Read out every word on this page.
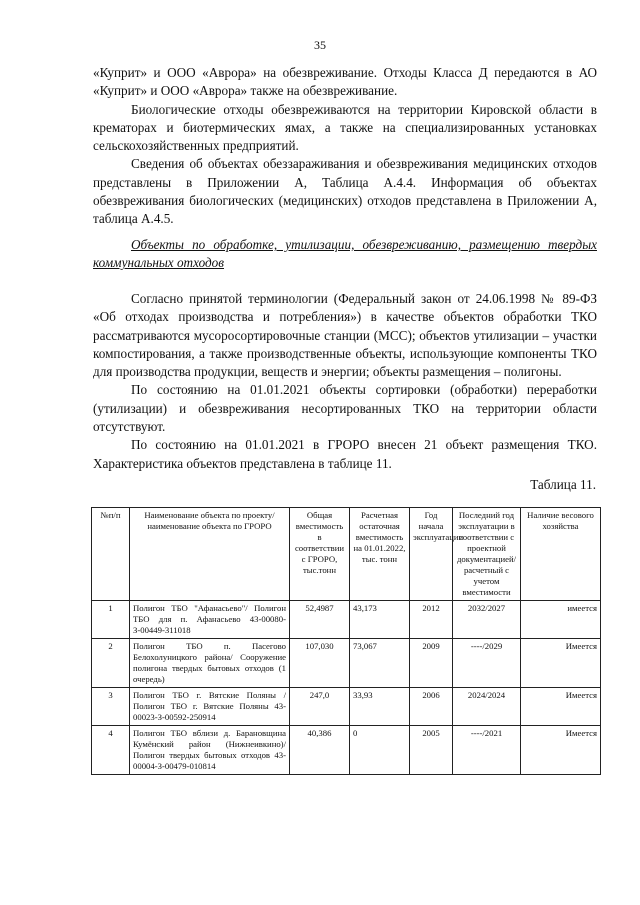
35

«Куприт» и ООО «Аврора» на обезвреживание. Отходы Класса Д передаются в АО «Куприт» и ООО «Аврора» также на обезвреживание.

Биологические отходы обезвреживаются на территории Кировской области в крематорах и биотермических ямах, а также на специализированных установках сельскохозяйственных предприятий.

Сведения об объектах обеззараживания и обезвреживания медицинских отходов представлены в Приложении А, Таблица А.4.4. Информация об объектах обезвреживания биологических (медицинских) отходов представлена в Приложении А, таблица А.4.5.

Объекты по обработке, утилизации, обезвреживанию, размещению твердых коммунальных отходов

Согласно принятой терминологии (Федеральный закон от 24.06.1998 № 89-ФЗ «Об отходах производства и потребления») в качестве объектов обработки ТКО рассматриваются мусоросортировочные станции (МСС); объектов утилизации – участки компостирования, а также производственные объекты, использующие компоненты ТКО для производства продукции, веществ и энергии; объекты размещения – полигоны.

По состоянию на 01.01.2021 объекты сортировки (обработки) переработки (утилизации) и обезвреживания несортированных ТКО на территории области отсутствуют.

По состоянию на 01.01.2021 в ГРОРО внесен 21 объект размещения ТКО. Характеристика объектов представлена в таблице 11.

Таблица 11.
№п/п	Наименование объекта по проекту/ наименование объекта по ГРОРО	Общая вместимость в соответствии с ГРОРО, тыс.тонн	Расчетная остаточная вместимость на 01.01.2022, тыс. тонн	Год начала эксплуатации	Последний год эксплуатации в соответствии с проектной документацией/ расчетный с учетом вместимости	Наличие весового хозяйства
1	Полигон ТБО "Афанасьево"/ Полигон ТБО для п. Афанасьево 43-00080-З-00449-311018	52,4987	43,173	2012	2032/2027	имеется
2	Полигон ТБО п. Пасегово Белохолуницкого района/ Сооружение полигона твердых бытовых отходов (1 очередь)	107,030	73,067	2009	----/2029	Имеется
3	Полигон ТБО г. Вятские Поляны / Полигон ТБО г. Вятские Поляны 43-00023-З-00592-250914	247,0	33,93	2006	2024/2024	Имеется
4	Полигон ТБО вблизи д. Барановщина Кумёнский район (Нижнеивкино)/ Полигон твердых бытовых отходов 43-00004-З-00479-010814	40,386	0	2005	----/2021	Имеется
